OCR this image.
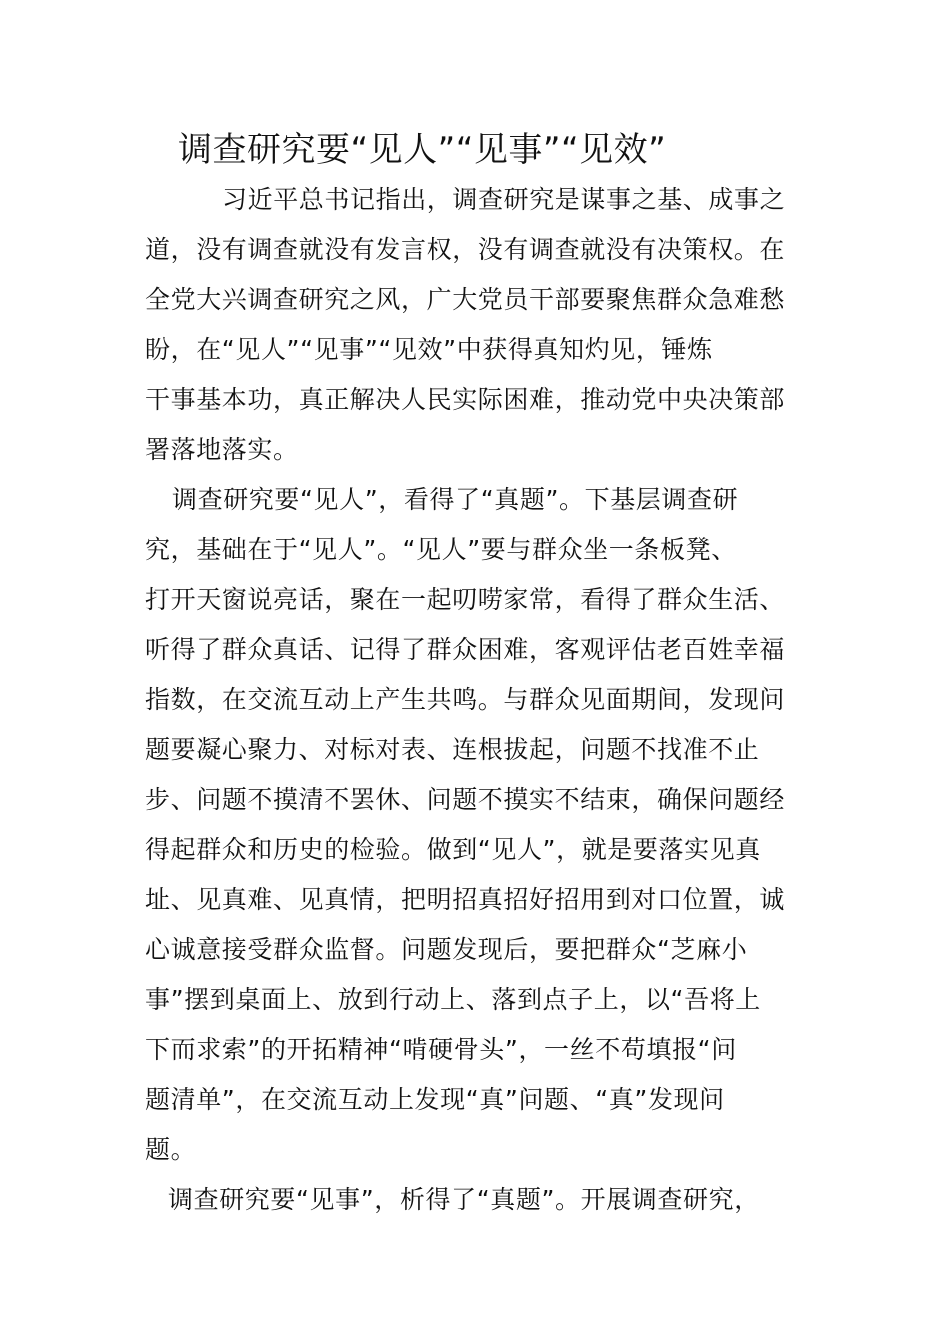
调查研究要“见人”“见事”“见效”
习近平总书记指出，调查研究是谋事之基、成事之
道，没有调查就没有发言权，没有调查就没有决策权。在
全党大兴调查研究之风，广大党员干部要聚焦群众急难愁
盼，在“见人”“见事”“见效”中获得真知灼见，锤炼
干事基本功，真正解决人民实际困难，推动党中央决策部
署落地落实。
调查研究要“见人”，看得了“真题”。下基层调查研
究，基础在于“见人”。“见人”要与群众坐一条板凳、
打开天窗说亮话，聚在一起叨唠家常，看得了群众生活、
听得了群众真话、记得了群众困难，客观评估老百姓幸福
指数，在交流互动上产生共鸣。与群众见面期间，发现问
题要凝心聚力、对标对表、连根拔起，问题不找准不止
步、问题不摸清不罢休、问题不摸实不结束，确保问题经
得起群众和历史的检验。做到“见人”，就是要落实见真
址、见真难、见真情，把明招真招好招用到对口位置，诚
心诚意接受群众监督。问题发现后，要把群众“芝麻小
事”摆到桌面上、放到行动上、落到点子上，以“吾将上
下而求索”的开拓精神“啃硬骨头”，一丝不苟填报“问
题清单”，在交流互动上发现“真”问题、“真”发现问
题。
调查研究要“见事”，析得了“真题”。开展调查研究，
